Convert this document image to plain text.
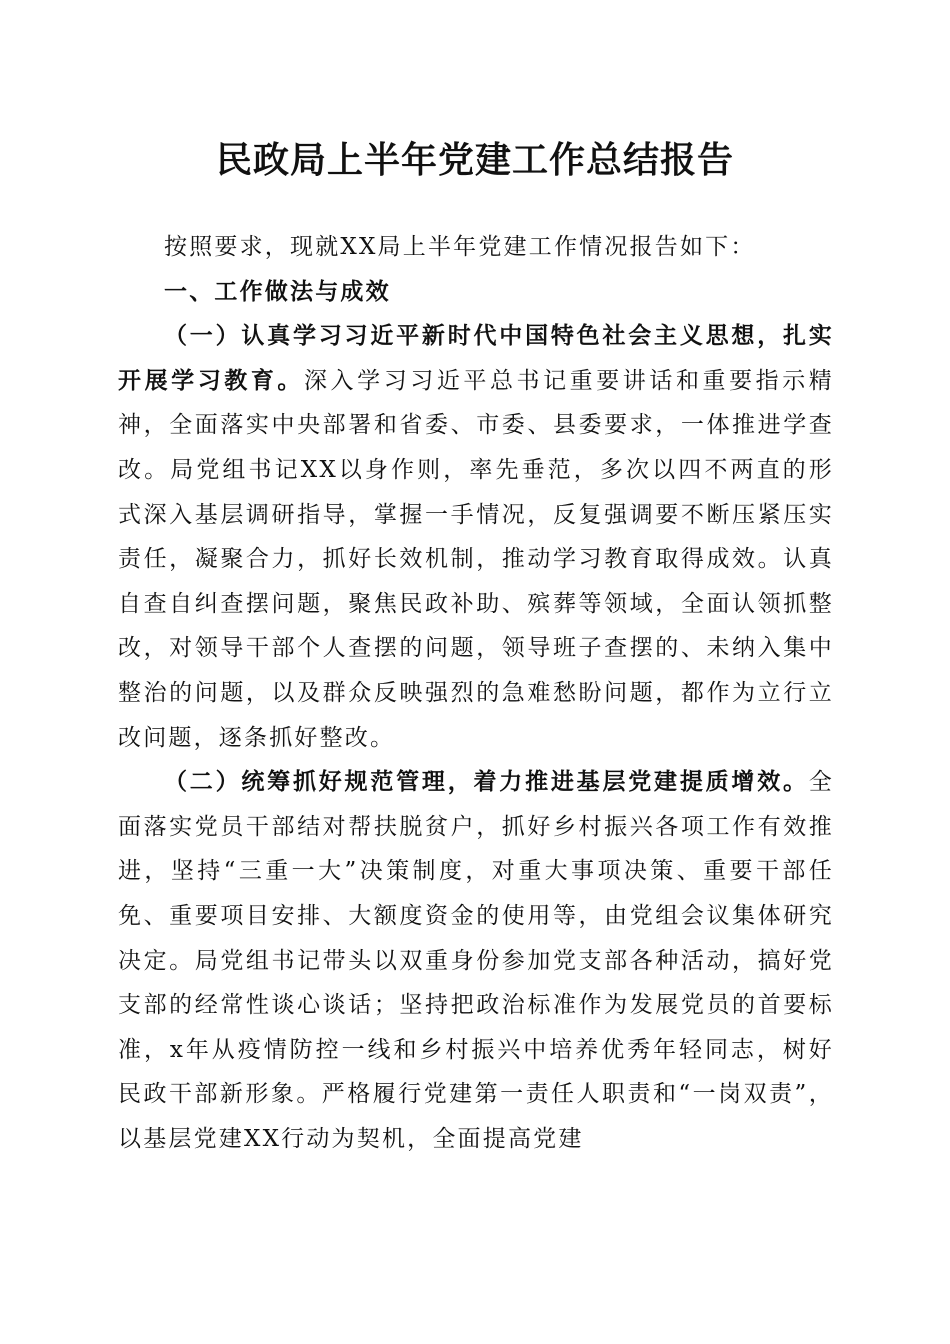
民政局上半年党建工作总结报告

按照要求，现就XX局上半年党建工作情况报告如下：

一、工作做法与成效

（一）认真学习习近平新时代中国特色社会主义思想，扎实开展学习教育。深入学习习近平总书记重要讲话和重要指示精神，全面落实中央部署和省委、市委、县委要求，一体推进学查改。局党组书记XX以身作则，率先垂范，多次以四不两直的形式深入基层调研指导，掌握一手情况，反复强调要不断压紧压实责任，凝聚合力，抓好长效机制，推动学习教育取得成效。认真自查自纠查摆问题，聚焦民政补助、殡葬等领域，全面认领抓整改，对领导干部个人查摆的问题，领导班子查摆的、未纳入集中整治的问题，以及群众反映强烈的急难愁盼问题，都作为立行立改问题，逐条抓好整改。

（二）统筹抓好规范管理，着力推进基层党建提质增效。全面落实党员干部结对帮扶脱贫户，抓好乡村振兴各项工作有效推进，坚持“三重一大”决策制度，对重大事项决策、重要干部任免、重要项目安排、大额度资金的使用等，由党组会议集体研究决定。局党组书记带头以双重身份参加党支部各种活动，搞好党支部的经常性谈心谈话；坚持把政治标准作为发展党员的首要标准，x年从疫情防控一线和乡村振兴中培养优秀年轻同志，树好民政干部新形象。严格履行党建第一责任人职责和“一岗双责”，以基层党建XX行动为契机，全面提高党建
